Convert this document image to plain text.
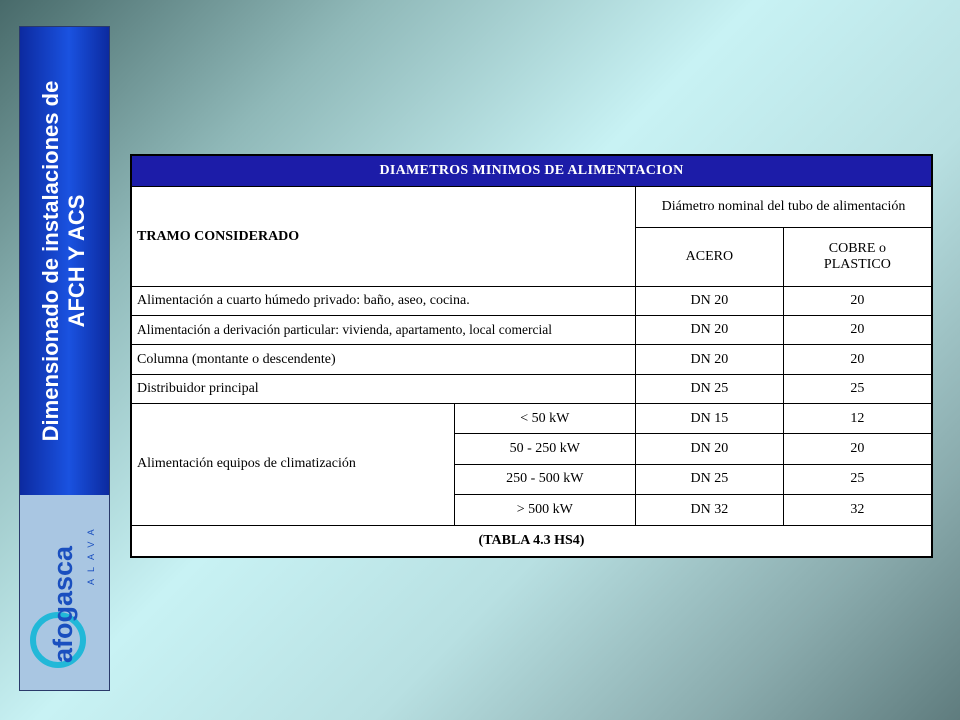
Dimensionado de instalaciones de AFCH Y ACS
afogasca ALAVA
DIAMETROS MINIMOS DE ALIMENTACION			
TRAMO CONSIDERADO		Diámetro nominal del tubo de alimentación	
		ACERO	COBRE o
PLASTICO

Alimentación a cuarto húmedo privado: baño, aseo, cocina.		DN 20	20
Alimentación a derivación particular: vivienda, apartamento, local comercial		DN 20	20
Columna (montante o descendente)		DN 20	20
Distribuidor principal		DN 25	25
Alimentación equipos de climatización	< 50 kW	DN 15	12
	50 - 250 kW	DN 20	20
	250 - 500 kW	DN 25	25
	> 500 kW	DN 32	32
(TABLA 4.3 HS4)			
